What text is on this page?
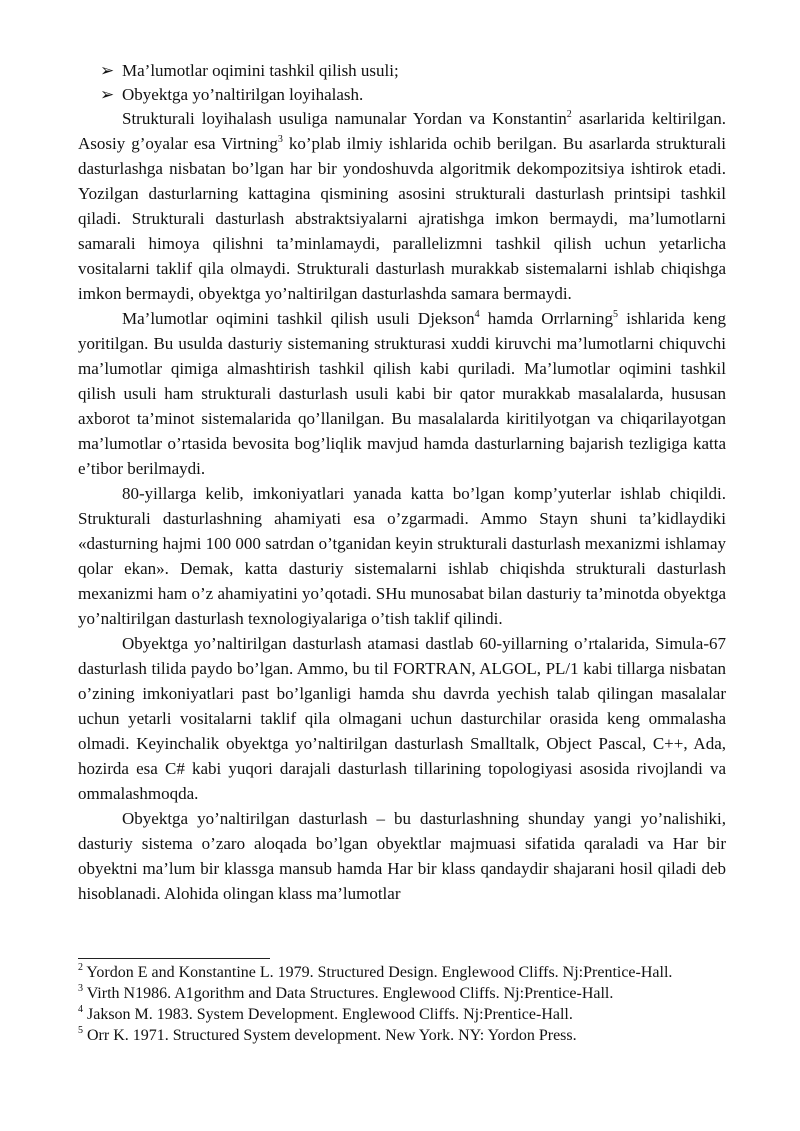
➢ Ma’lumotlar oqimini tashkil qilish usuli;
➢ Obyektga yo’naltirilgan loyihalash.

Strukturali loyihalash usuliga namunalar Yordan va Konstantin$^2$ asarlarida keltirilgan. Asosiy g’oyalar esa Virtning$^3$ ko’plab ilmiy ishlarida ochib berilgan. Bu asarlarda strukturali dasturlashga nisbatan bo’lgan har bir yondoshuvda algoritmik dekompozitsiya ishtirok etadi. Yozilgan dasturlarning kattagina qismining asosini strukturali dasturlash printsipi tashkil qiladi. Strukturali dasturlash abstraktsiyalarni ajratishga imkon bermaydi, ma’lumotlarni samarali himoya qilishni ta’minlamaydi, parallelizmni tashkil qilish uchun yetarlicha vositalarni taklif qila olmaydi. Strukturali dasturlash murakkab sistemalarni ishlab chiqishga imkon bermaydi, obyektga yo’naltirilgan dasturlashda samara bermaydi.

Ma’lumotlar oqimini tashkil qilish usuli Djekson$^4$ hamda Orrlarning$^5$ ishlarida keng yoritilgan. Bu usulda dasturiy sistemaning strukturasi xuddi kiruvchi ma’lumotlarni chiquvchi ma’lumotlar qimiga almashtirish tashkil qilish kabi quriladi. Ma’lumotlar oqimini tashkil qilish usuli ham strukturali dasturlash usuli kabi bir qator murakkab masalalarda, hususan axborot ta’minot sistemalarida qo’llanilgan. Bu masalalarda kiritilyotgan va chiqarilayotgan ma’lumotlar o’rtasida bevosita bog’liqlik mavjud hamda dasturlarning bajarish tezligiga katta e’tibor berilmaydi.

80-yillarga kelib, imkoniyatlari yanada katta bo’lgan komp’yuterlar ishlab chiqildi. Strukturali dasturlashning ahamiyati esa o’zgarmadi. Ammo Stayn shuni ta’kidlaydiki «dasturning hajmi 100 000 satrdan o’tganidan keyin strukturali dasturlash mexanizmi ishlamay qolar ekan». Demak, katta dasturiy sistemalarni ishlab chiqishda strukturali dasturlash mexanizmi ham o’z ahamiyatini yo’qotadi. SHu munosabat bilan dasturiy ta’minotda obyektga yo’naltirilgan dasturlash texnologiyalariga o’tish taklif qilindi.

Obyektga yo’naltirilgan dasturlash atamasi dastlab 60-yillarning o’rtalarida, Simula-67 dasturlash tilida paydo bo’lgan. Ammo, bu til FORTRAN, ALGOL, PL/1 kabi tillarga nisbatan o’zining imkoniyatlari past bo’lganligi hamda shu davrda yechish talab qilingan masalalar uchun yetarli vositalarni taklif qila olmagani uchun dasturchilar orasida keng ommalasha olmadi. Keyinchalik obyektga yo’naltirilgan dasturlash Smalltalk, Object Pascal, C++, Ada, hozirda esa C# kabi yuqori darajali dasturlash tillarining topologiyasi asosida rivojlandi va ommalashmoqda.

Obyektga yo’naltirilgan dasturlash – bu dasturlashning shunday yangi yo’nalishiki, dasturiy sistema o’zaro aloqada bo’lgan obyektlar majmuasi sifatida qaraladi va Har bir obyektni ma’lum bir klassga mansub hamda Har bir klass qandaydir shajarani hosil qiladi deb hisoblanadi. Alohida olingan klass ma’lumotlar

$^2$ Yordon E and Konstantine L. 1979. Structured Design. Englewood Cliffs. Nj:Prentice-Hall.
$^3$ Virth N1986. A1gorithm and Data Structures. Englewood Cliffs. Nj:Prentice-Hall.
$^4$ Jakson M. 1983. System Development. Englewood Cliffs. Nj:Prentice-Hall.
$^5$ Orr K. 1971. Structured System development. New York. NY: Yordon Press.
